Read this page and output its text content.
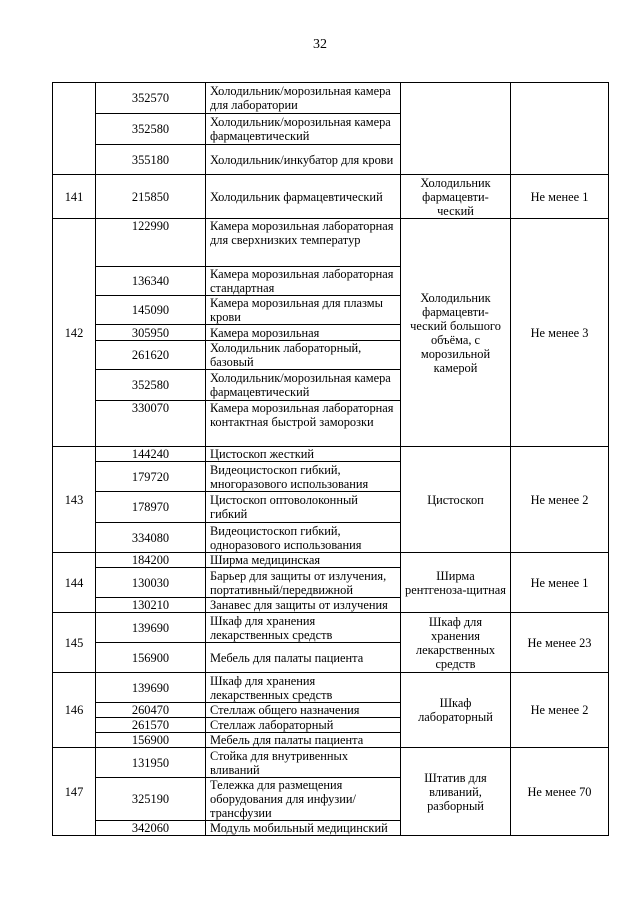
32
	352570	Холодильник/морозильная камера для лаборатории		
	352580	Холодильник/морозильная камера фармацевтический		
	355180	Холодильник/инкубатор для крови		
141	215850	Холодильник фармацевтический	Холодильник фармацевти-ческий	Не менее 1
142	122990	Камера морозильная лабораторная для сверхнизких температур	Холодильник фармацевти-ческий большого объёма, с морозильной камерой	Не менее 3
	136340	Камера морозильная лабораторная стандартная		
	145090	Камера морозильная для плазмы крови		
	305950	Камера морозильная		
	261620	Холодильник лабораторный, базовый		
	352580	Холодильник/морозильная камера фармацевтический		
	330070	Камера морозильная лабораторная контактная быстрой заморозки		
143	144240	Цистоскоп жесткий	Цистоскоп	Не менее 2
	179720	Видеоцистоскоп гибкий, многоразового использования		
	178970	Цистоскоп оптоволоконный гибкий		
	334080	Видеоцистоскоп гибкий, одноразового использования		
144	184200	Ширма медицинская	Ширма рентгеноза-щитная	Не менее 1
	130030	Барьер для защиты от излучения, портативный/передвижной		
	130210	Занавес для защиты от излучения		
145	139690	Шкаф для хранения лекарственных средств	Шкаф для хранения лекарственных средств	Не менее 23
	156900	Мебель для палаты пациента		
146	139690	Шкаф для хранения лекарственных средств	Шкаф лабораторный	Не менее 2
	260470	Стеллаж общего назначения		
	261570	Стеллаж лабораторный		
	156900	Мебель для палаты пациента		
147	131950	Стойка для внутривенных вливаний	Штатив для вливаний, разборный	Не менее 70
	325190	Тележка для размещения оборудования для инфузии/трансфузии		
	342060	Модуль мобильный медицинский		
